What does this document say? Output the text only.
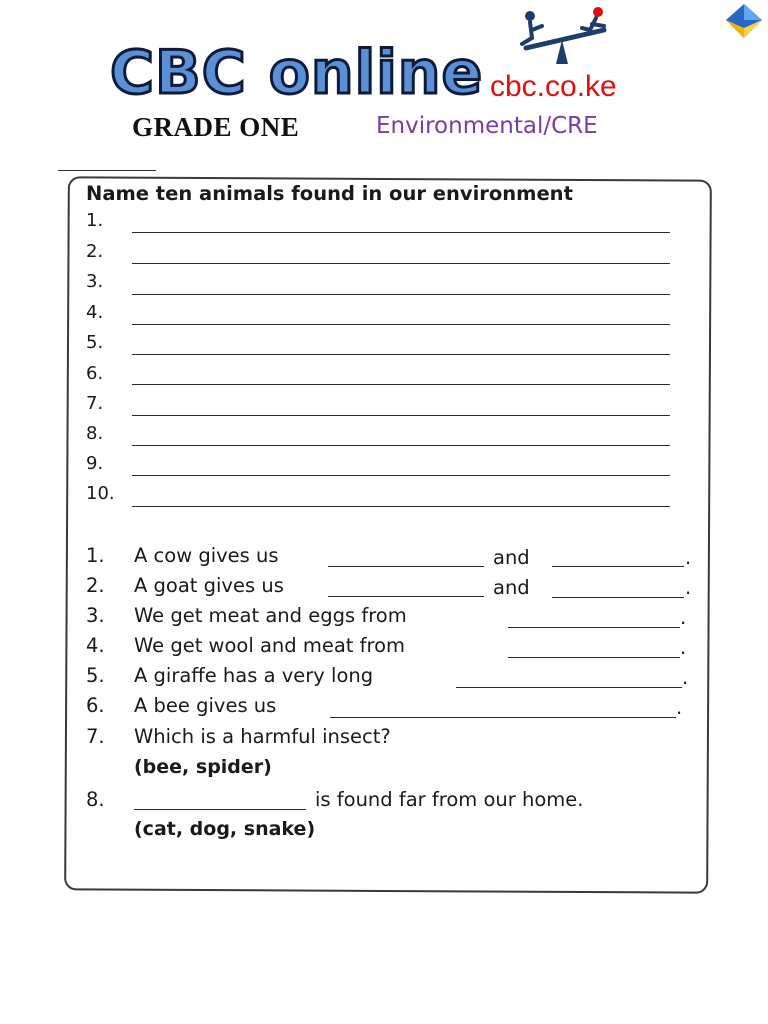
CBC online cbc.co.ke
GRADE ONE	Environmental/CRE
Name ten animals found in our environment
1.
2.
3.
4.
5.
6.
7.
8.
9.
10.
1. A cow gives us	and	.
2. A goat gives us	and	.
3. We get meat and eggs from	.
4. We get wool and meat from	.
5. A giraffe has a very long	.
6. A bee gives us	.
7. Which is a harmful insect?
(bee, spider)
8.	is found far from our home.
(cat, dog, snake)
